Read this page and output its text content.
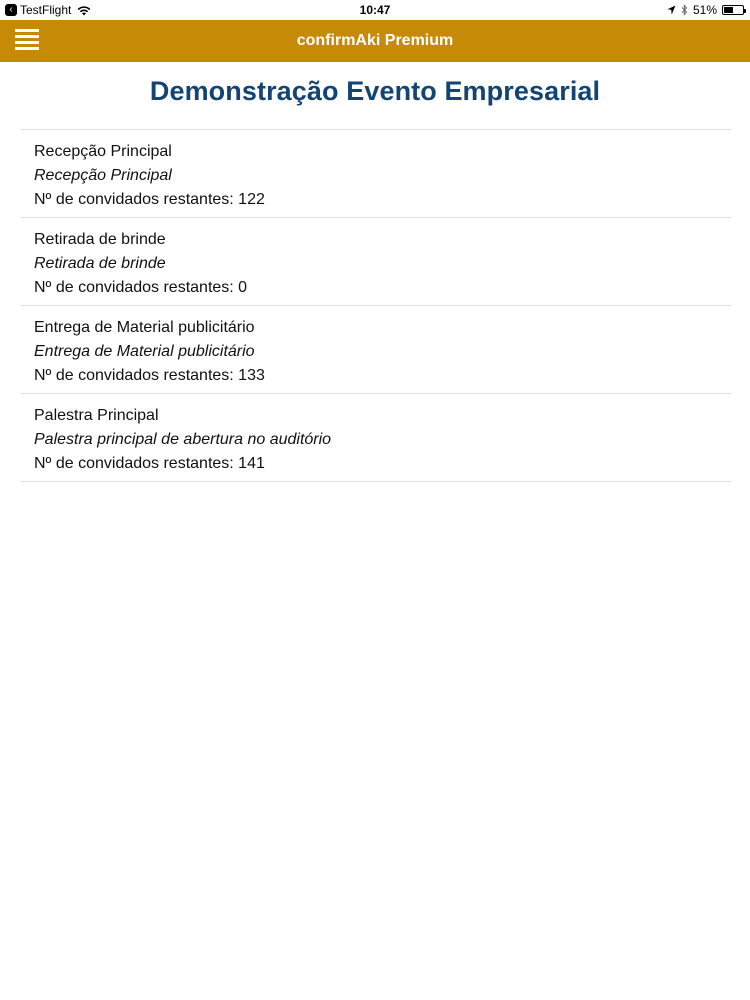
‹ TestFlight	10:47	51%
confirmAki Premium
Demonstração Evento Empresarial
Recepção Principal
Recepção Principal
Nº de convidados restantes: 122
Retirada de brinde
Retirada de brinde
Nº de convidados restantes: 0
Entrega de Material publicitário
Entrega de Material publicitário
Nº de convidados restantes: 133
Palestra Principal
Palestra principal de abertura no auditório
Nº de convidados restantes: 141
